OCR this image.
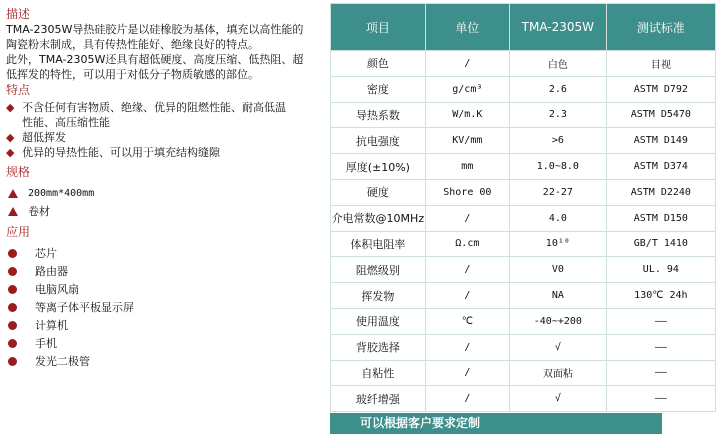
描述

TMA-2305W导热硅胶片是以硅橡胶为基体，填充以高性能的

陶瓷粉末制成，具有传热性能好、绝缘良好的特点。

此外，TMA-2305W还具有超低硬度、高度压缩、低热阻、超

低挥发的特性，可以用于对低分子物质敏感的部位。

特点
◆ 不含任何有害物质、绝缘、优异的阻燃性能、耐高低温
性能、高压缩性能
◆ 超低挥发
◆ 优异的导热性能、可以用于填充结构缝隙
规格
200mm*400mm
卷材
应用
芯片
路由器
电脑风扇
等离子体平板显示屏
计算机
手机
发光二极管
项目	单位	TMA-2305W	测试标准
颜色	/	白色	目视
密度	g/cm³	2.6	ASTM D792
导热系数	W/m.K	2.3	ASTM D5470
抗电强度	KV/mm	>6	ASTM D149
厚度(±10%)	mm	1.0~8.0	ASTM D374
硬度	Shore 00	22-27	ASTM D2240
介电常数@10MHz	/	4.0	ASTM D150
体积电阻率	Ω.cm	10¹⁰	GB/T 1410
阻燃级别	/	V0	UL. 94
挥发物	/	NA	130℃ 24h
使用温度	℃	-40~+200	——
背胶选择	/	√	——
自粘性	/	双面粘	——
玻纤增强	/	√	——
可以根据客户要求定制
